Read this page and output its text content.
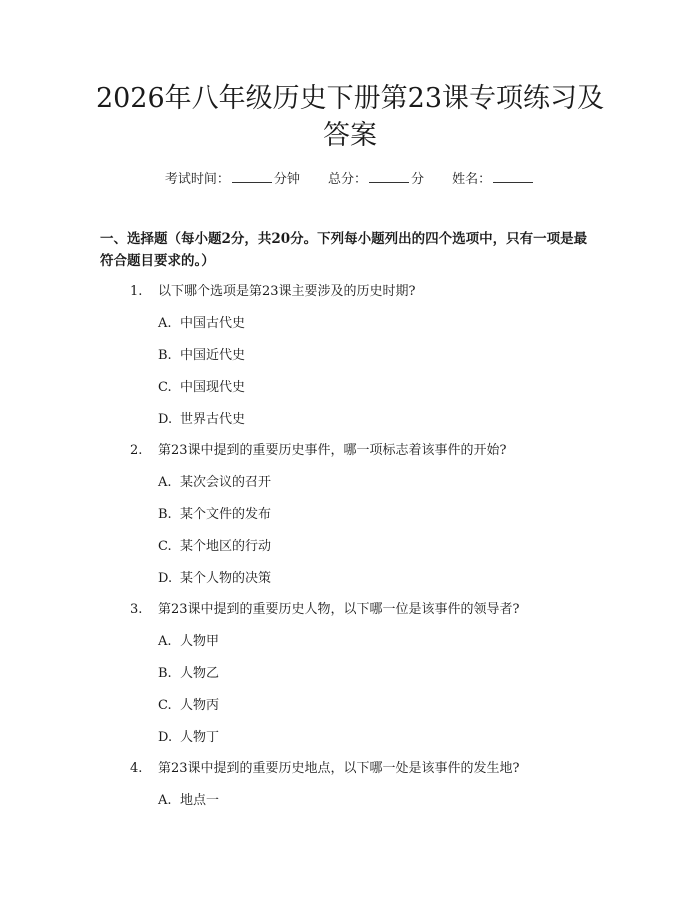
2026年八年级历史下册第23课专项练习及
答案
考试时间：	分钟 总分：	分 姓名：

一、选择题（每小题2分，共20分。下列每小题列出的四个选项中，只有一项是最符合题目要求的。）

1. 以下哪个选项是第23课主要涉及的历史时期?
A. 中国古代史
B. 中国近代史
C. 中国现代史
D. 世界古代史
2. 第23课中提到的重要历史事件，哪一项标志着该事件的开始?
A. 某次会议的召开
B. 某个文件的发布
C. 某个地区的行动
D. 某个人物的决策
3. 第23课中提到的重要历史人物，以下哪一位是该事件的领导者?
A. 人物甲
B. 人物乙
C. 人物丙
D. 人物丁
4. 第23课中提到的重要历史地点，以下哪一处是该事件的发生地?
A. 地点一
